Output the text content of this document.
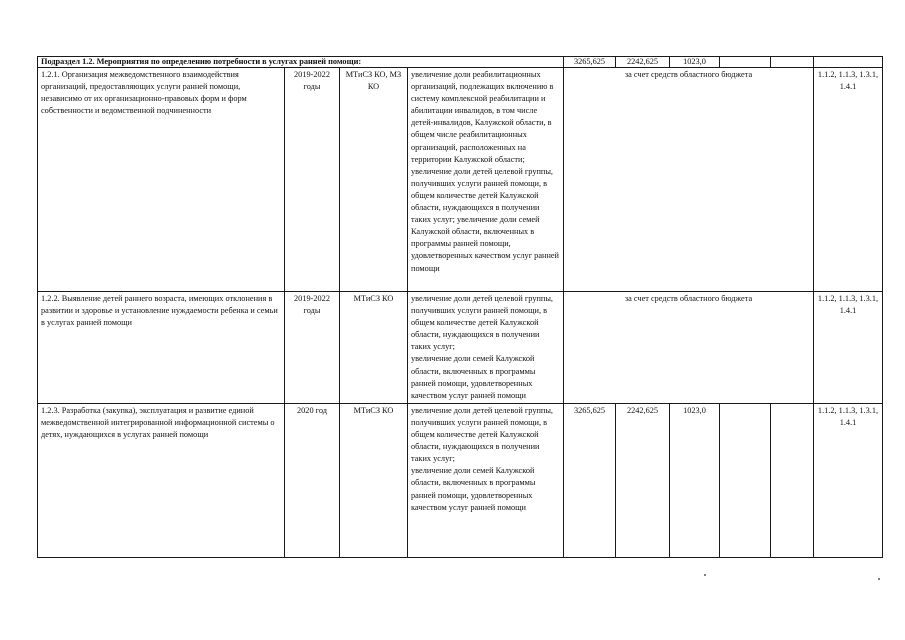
Подраздел 1.2. Мероприятия по определению потребности в услугах ранней помощи:				3265,625	2242,625	1023,0			
1.2.1. Организация межведомственного взаимодействия организаций, предоставляющих услуги ранней помощи, независимо от их организационно-правовых форм и форм собственности и ведомственной подчиненности	2019-2022 годы	МТиСЗ КО, МЗ КО	увеличение доли реабилитационных организаций, подлежащих включению в систему комплексной реабилитации и абилитации инвалидов, в том числе детей-инвалидов, Калужской области, в общем числе реабилитационных организаций, расположенных на территории Калужской области;
увеличение доли детей целевой группы, получивших услуги ранней помощи, в общем количестве детей Калужской области, нуждающихся в получении таких услуг; увеличение доли семей Калужской области, включенных в программы ранней помощи, удовлетворенных качеством услуг ранней помощи	за счет средств областного бюджета					1.1.2, 1.1.3, 1.3.1, 1.4.1
1.2.2. Выявление детей раннего возраста, имеющих отклонения в развитии и здоровье и установление нуждаемости ребенка и семьи в услугах ранней помощи	2019-2022 годы	МТиСЗ КО	увеличение доли детей целевой группы, получивших услуги ранней помощи, в общем количестве детей Калужской области, нуждающихся в получении таких услуг;
увеличение доли семей Калужской области, включенных в программы ранней помощи, удовлетворенных качеством услуг ранней помощи	за счет средств областного бюджета					1.1.2, 1.1.3, 1.3.1, 1.4.1
1.2.3. Разработка (закупка), эксплуатация и развитие единой межведомственной интегрированной информационной системы о детях, нуждающихся в услугах ранней помощи	2020 год	МТиСЗ КО	увеличение доли детей целевой группы, получивших услуги ранней помощи, в общем количестве детей Калужской области, нуждающихся в получении таких услуг;
увеличение доли семей Калужской области, включенных в программы ранней помощи, удовлетворенных качеством услуг ранней помощи	3265,625	2242,625	1023,0			1.1.2, 1.1.3, 1.3.1, 1.4.1
